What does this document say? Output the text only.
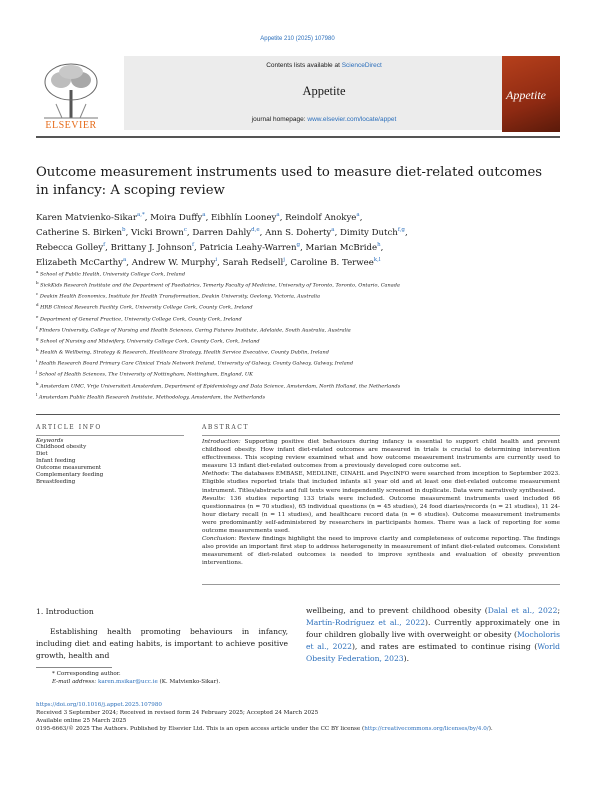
Appetite 210 (2025) 107980
ELSEVIER
Contents lists available at ScienceDirect
Appetite
journal homepage: www.elsevier.com/locate/appet
Appetite
Outcome measurement instruments used to measure diet-related outcomes
in infancy: A scoping review
Karen Matvienko-Sikar$^{a,*}$, Moira Duffy$^a$, Eibhlín Looney$^a$, Reindolf Anokye$^a$,
Catherine S. Birken$^b$, Vicki Brown$^c$, Darren Dahly$^{d,e}$, Ann S. Doherty$^a$, Dimity Dutch$^{f,g}$,
Rebecca Golley$^f$, Brittany J. Johnson$^f$, Patricia Leahy-Warren$^g$, Marian McBride$^h$,
Elizabeth McCarthy$^a$, Andrew W. Murphy$^i$, Sarah Redsell$^j$, Caroline B. Terwee$^{k,l}$
$^a$ School of Public Health, University College Cork, Ireland
$^b$ SickKids Research Institute and the Department of Paediatrics, Temerty Faculty of Medicine, University of Toronto, Toronto, Ontario, Canada
$^c$ Deakin Health Economics, Institute for Health Transformation, Deakin University, Geelong, Victoria, Australia
$^d$ HRB Clinical Research Facility Cork, University College Cork, County Cork, Ireland
$^e$ Department of General Practice, University College Cork, County Cork, Ireland
$^f$ Flinders University, College of Nursing and Health Sciences, Caring Futures Institute, Adelaide, South Australia, Australia
$^g$ School of Nursing and Midwifery, University College Cork, County Cork, Cork, Ireland
$^h$ Health & Wellbeing, Strategy & Research, Healthcare Strategy, Health Service Executive, County Dublin, Ireland
$^i$ Health Research Board Primary Care Clinical Trials Network Ireland, University of Galway, County Galway, Galway, Ireland
$^j$ School of Health Sciences, The University of Nottingham, Nottingham, England, UK
$^k$ Amsterdam UMC, Vrije Universiteit Amsterdam, Department of Epidemiology and Data Science, Amsterdam, North Holland, the Netherlands
$^l$ Amsterdam Public Health Research Institute, Methodology, Amsterdam, the Netherlands
ARTICLE INFO
Keywords
Childhood obesity
Diet
Infant feeding
Outcome measurement
Complementary feeding
Breastfeeding
ABSTRACT

Introduction: Supporting positive diet behaviours during infancy is essential to support child health and prevent childhood obesity. How infant diet-related outcomes are measured in trials is crucial to determining intervention effectiveness. This scoping review examined what and how outcome measurement instruments are currently used to measure 13 infant diet-related outcomes from a previously developed core outcome set.

Methods: The databases EMBASE, MEDLINE, CINAHL and PsycINFO were searched from inception to September 2023. Eligible studies reported trials that included infants ≤1 year old and at least one diet-related outcome measurement instrument. Titles/abstracts and full texts were independently screened in duplicate. Data were narratively synthesised.

Results: 136 studies reporting 133 trials were included. Outcome measurement instruments used included 66 questionnaires (n = 70 studies), 65 individual questions (n = 45 studies), 24 food diaries/records (n = 21 studies), 11 24-hour dietary recall (n = 11 studies), and healthcare record data (n = 6 studies). Outcome measurement instruments were predominantly self-administered by researchers in participants homes. There was a lack of reporting for some outcome measurements used.

Conclusion: Review findings highlight the need to improve clarity and completeness of outcome reporting. The findings also provide an important first step to address heterogeneity in measurement of infant diet-related outcomes. Consistent measurement of diet-related outcomes is needed to improve synthesis and evaluation of obesity prevention interventions.

1. Introduction
Establishing health promoting behaviours in infancy, including diet and eating habits, is important to achieve positive growth, health and
wellbeing, and to prevent childhood obesity (Dalal et al., 2022; Martín-Rodríguez et al., 2022). Currently approximately one in four children globally live with overweight or obesity (Mocholoris et al., 2022), and rates are estimated to continue rising (World Obesity Federation, 2023).
* Corresponding author.
E-mail address: karen.msikar@ucc.ie (K. Matvienko-Sikar).
https://doi.org/10.1016/j.appet.2025.107980
Received 3 September 2024; Received in revised form 24 February 2025; Accepted 24 March 2025
Available online 25 March 2025
0195-6663/© 2025 The Authors. Published by Elsevier Ltd. This is an open access article under the CC BY license (http://creativecommons.org/licenses/by/4.0/).
